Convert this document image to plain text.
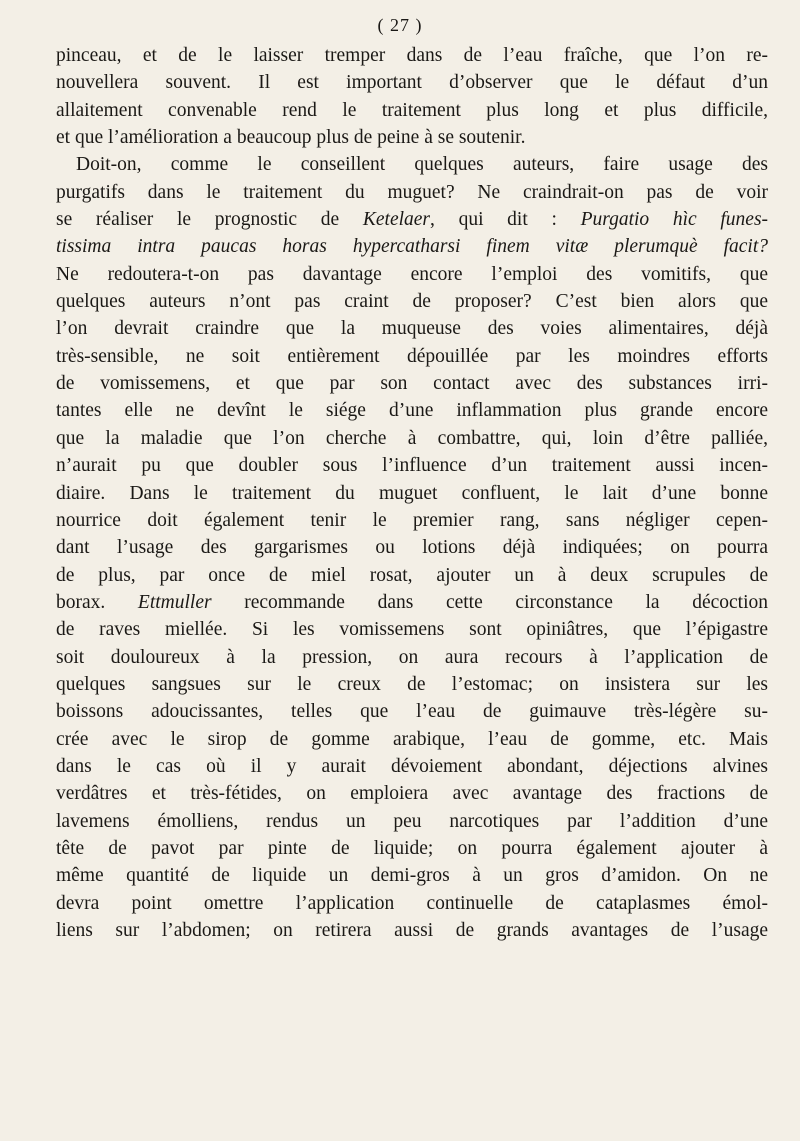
( 27 )
pinceau, et de le laisser tremper dans de l’eau fraîche, que l’on re-
nouvellera souvent. Il est important d’observer que le défaut d’un
allaitement convenable rend le traitement plus long et plus difficile,
et que l’amélioration a beaucoup plus de peine à se soutenir.
Doit-on, comme le conseillent quelques auteurs, faire usage des
purgatifs dans le traitement du muguet? Ne craindrait-on pas de voir
se réaliser le prognostic de Ketelaer, qui dit : Purgatio hìc funes-
tissima intra paucas horas hypercatharsi finem vitæ plerumquè facit?
Ne redoutera-t-on pas davantage encore l’emploi des vomitifs, que
quelques auteurs n’ont pas craint de proposer? C’est bien alors que
l’on devrait craindre que la muqueuse des voies alimentaires, déjà
très-sensible, ne soit entièrement dépouillée par les moindres efforts
de vomissemens, et que par son contact avec des substances irri-
tantes elle ne devînt le siége d’une inflammation plus grande encore
que la maladie que l’on cherche à combattre, qui, loin d’être palliée,
n’aurait pu que doubler sous l’influence d’un traitement aussi incen-
diaire. Dans le traitement du muguet confluent, le lait d’une bonne
nourrice doit également tenir le premier rang, sans négliger cepen-
dant l’usage des gargarismes ou lotions déjà indiquées; on pourra
de plus, par once de miel rosat, ajouter un à deux scrupules de
borax. Ettmuller recommande dans cette circonstance la décoction
de raves miellée. Si les vomissemens sont opiniâtres, que l’épigastre
soit douloureux à la pression, on aura recours à l’application de
quelques sangsues sur le creux de l’estomac; on insistera sur les
boissons adoucissantes, telles que l’eau de guimauve très-légère su-
crée avec le sirop de gomme arabique, l’eau de gomme, etc. Mais
dans le cas où il y aurait dévoiement abondant, déjections alvines
verdâtres et très-fétides, on emploiera avec avantage des fractions de
lavemens émolliens, rendus un peu narcotiques par l’addition d’une
tête de pavot par pinte de liquide; on pourra également ajouter à
même quantité de liquide un demi-gros à un gros d’amidon. On ne
devra point omettre l’application continuelle de cataplasmes émol-
liens sur l’abdomen; on retirera aussi de grands avantages de l’usage
